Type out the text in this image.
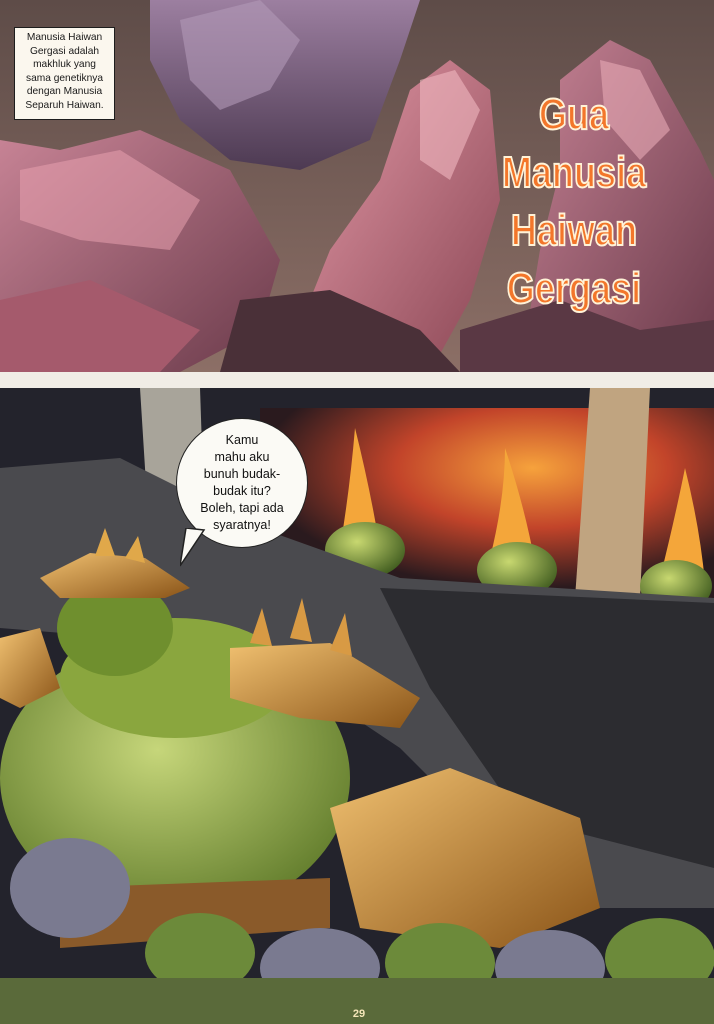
Manusia Haiwan
Gergasi adalah
makhluk yang
sama genetiknya
dengan Manusia
Separuh Haiwan.	Gua
Manusia
Haiwan
Gergasi
Kamu
mahu aku
bunuh budak-
budak itu?
Boleh, tapi ada
syaratnya!
29
